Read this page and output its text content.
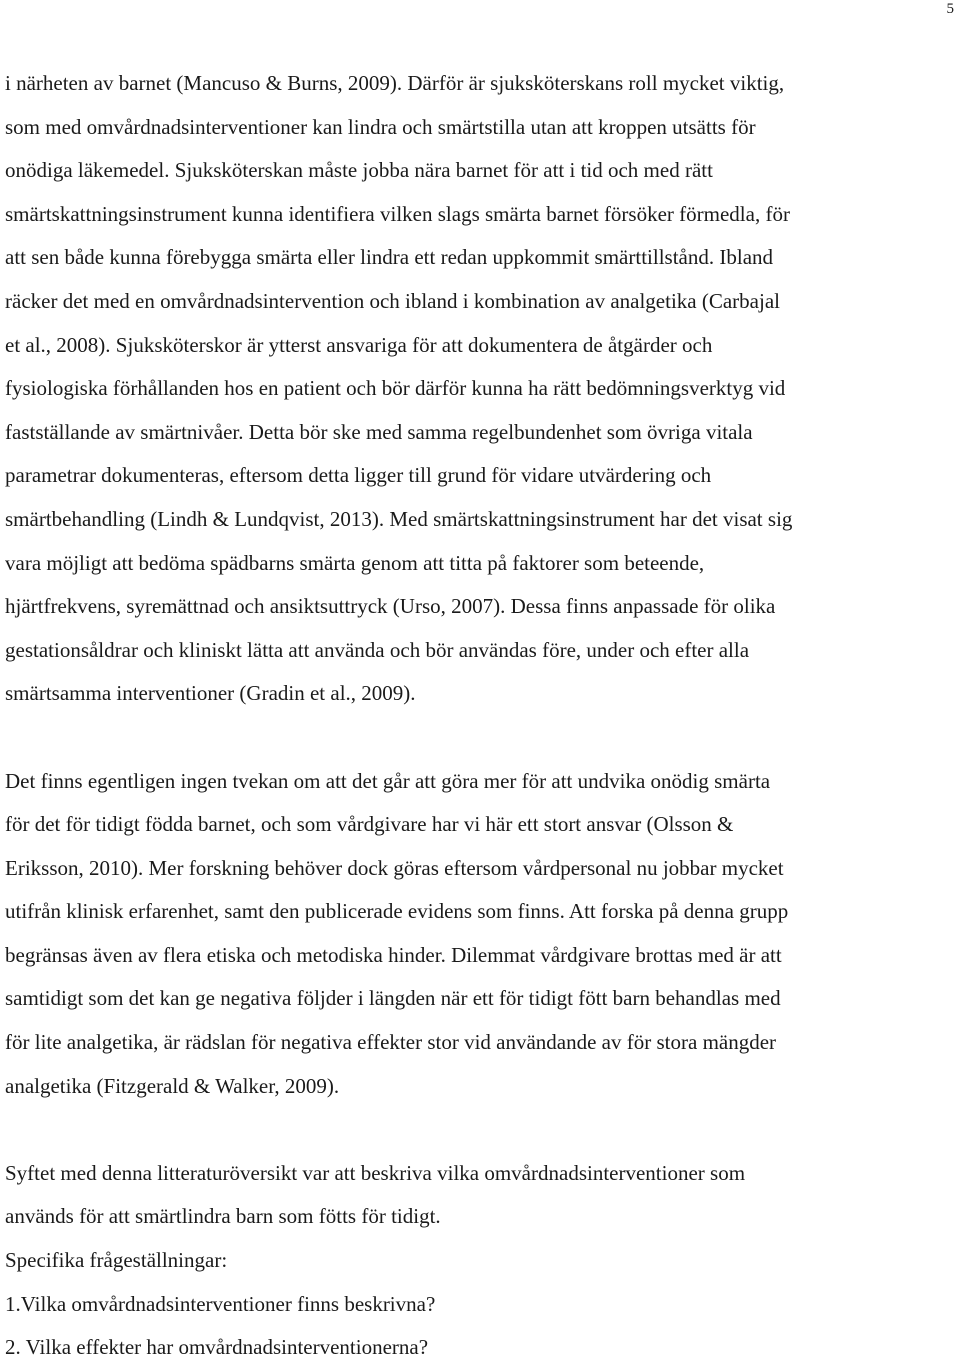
5
i närheten av barnet (Mancuso & Burns, 2009). Därför är sjuksköterskans roll mycket viktig,
som med omvårdnadsinterventioner kan lindra och smärtstilla utan att kroppen utsätts för
onödiga läkemedel. Sjuksköterskan måste jobba nära barnet för att i tid och med rätt
smärtskattningsinstrument kunna identifiera vilken slags smärta barnet försöker förmedla, för
att sen både kunna förebygga smärta eller lindra ett redan uppkommit smärttillstånd. Ibland
räcker det med en omvårdnadsintervention och ibland i kombination av analgetika (Carbajal
et al., 2008). Sjuksköterskor är ytterst ansvariga för att dokumentera de åtgärder och
fysiologiska förhållanden hos en patient och bör därför kunna ha rätt bedömningsverktyg vid
fastställande av smärtnivåer. Detta bör ske med samma regelbundenhet som övriga vitala
parametrar dokumenteras, eftersom detta ligger till grund för vidare utvärdering och
smärtbehandling (Lindh & Lundqvist, 2013). Med smärtskattningsinstrument har det visat sig
vara möjligt att bedöma spädbarns smärta genom att titta på faktorer som beteende,
hjärtfrekvens, syremättnad och ansiktsuttryck (Urso, 2007). Dessa finns anpassade för olika
gestationsåldrar och kliniskt lätta att använda och bör användas före, under och efter alla
smärtsamma interventioner (Gradin et al., 2009).
Det finns egentligen ingen tvekan om att det går att göra mer för att undvika onödig smärta
för det för tidigt födda barnet, och som vårdgivare har vi här ett stort ansvar (Olsson &
Eriksson, 2010). Mer forskning behöver dock göras eftersom vårdpersonal nu jobbar mycket
utifrån klinisk erfarenhet, samt den publicerade evidens som finns. Att forska på denna grupp
begränsas även av flera etiska och metodiska hinder. Dilemmat vårdgivare brottas med är att
samtidigt som det kan ge negativa följder i längden när ett för tidigt fött barn behandlas med
för lite analgetika, är rädslan för negativa effekter stor vid användande av för stora mängder
analgetika (Fitzgerald & Walker, 2009).
Syftet med denna litteraturöversikt var att beskriva vilka omvårdnadsinterventioner som
används för att smärtlindra barn som fötts för tidigt.
Specifika frågeställningar:
1.Vilka omvårdnadsinterventioner finns beskrivna?
2. Vilka effekter har omvårdnadsinterventionerna?
